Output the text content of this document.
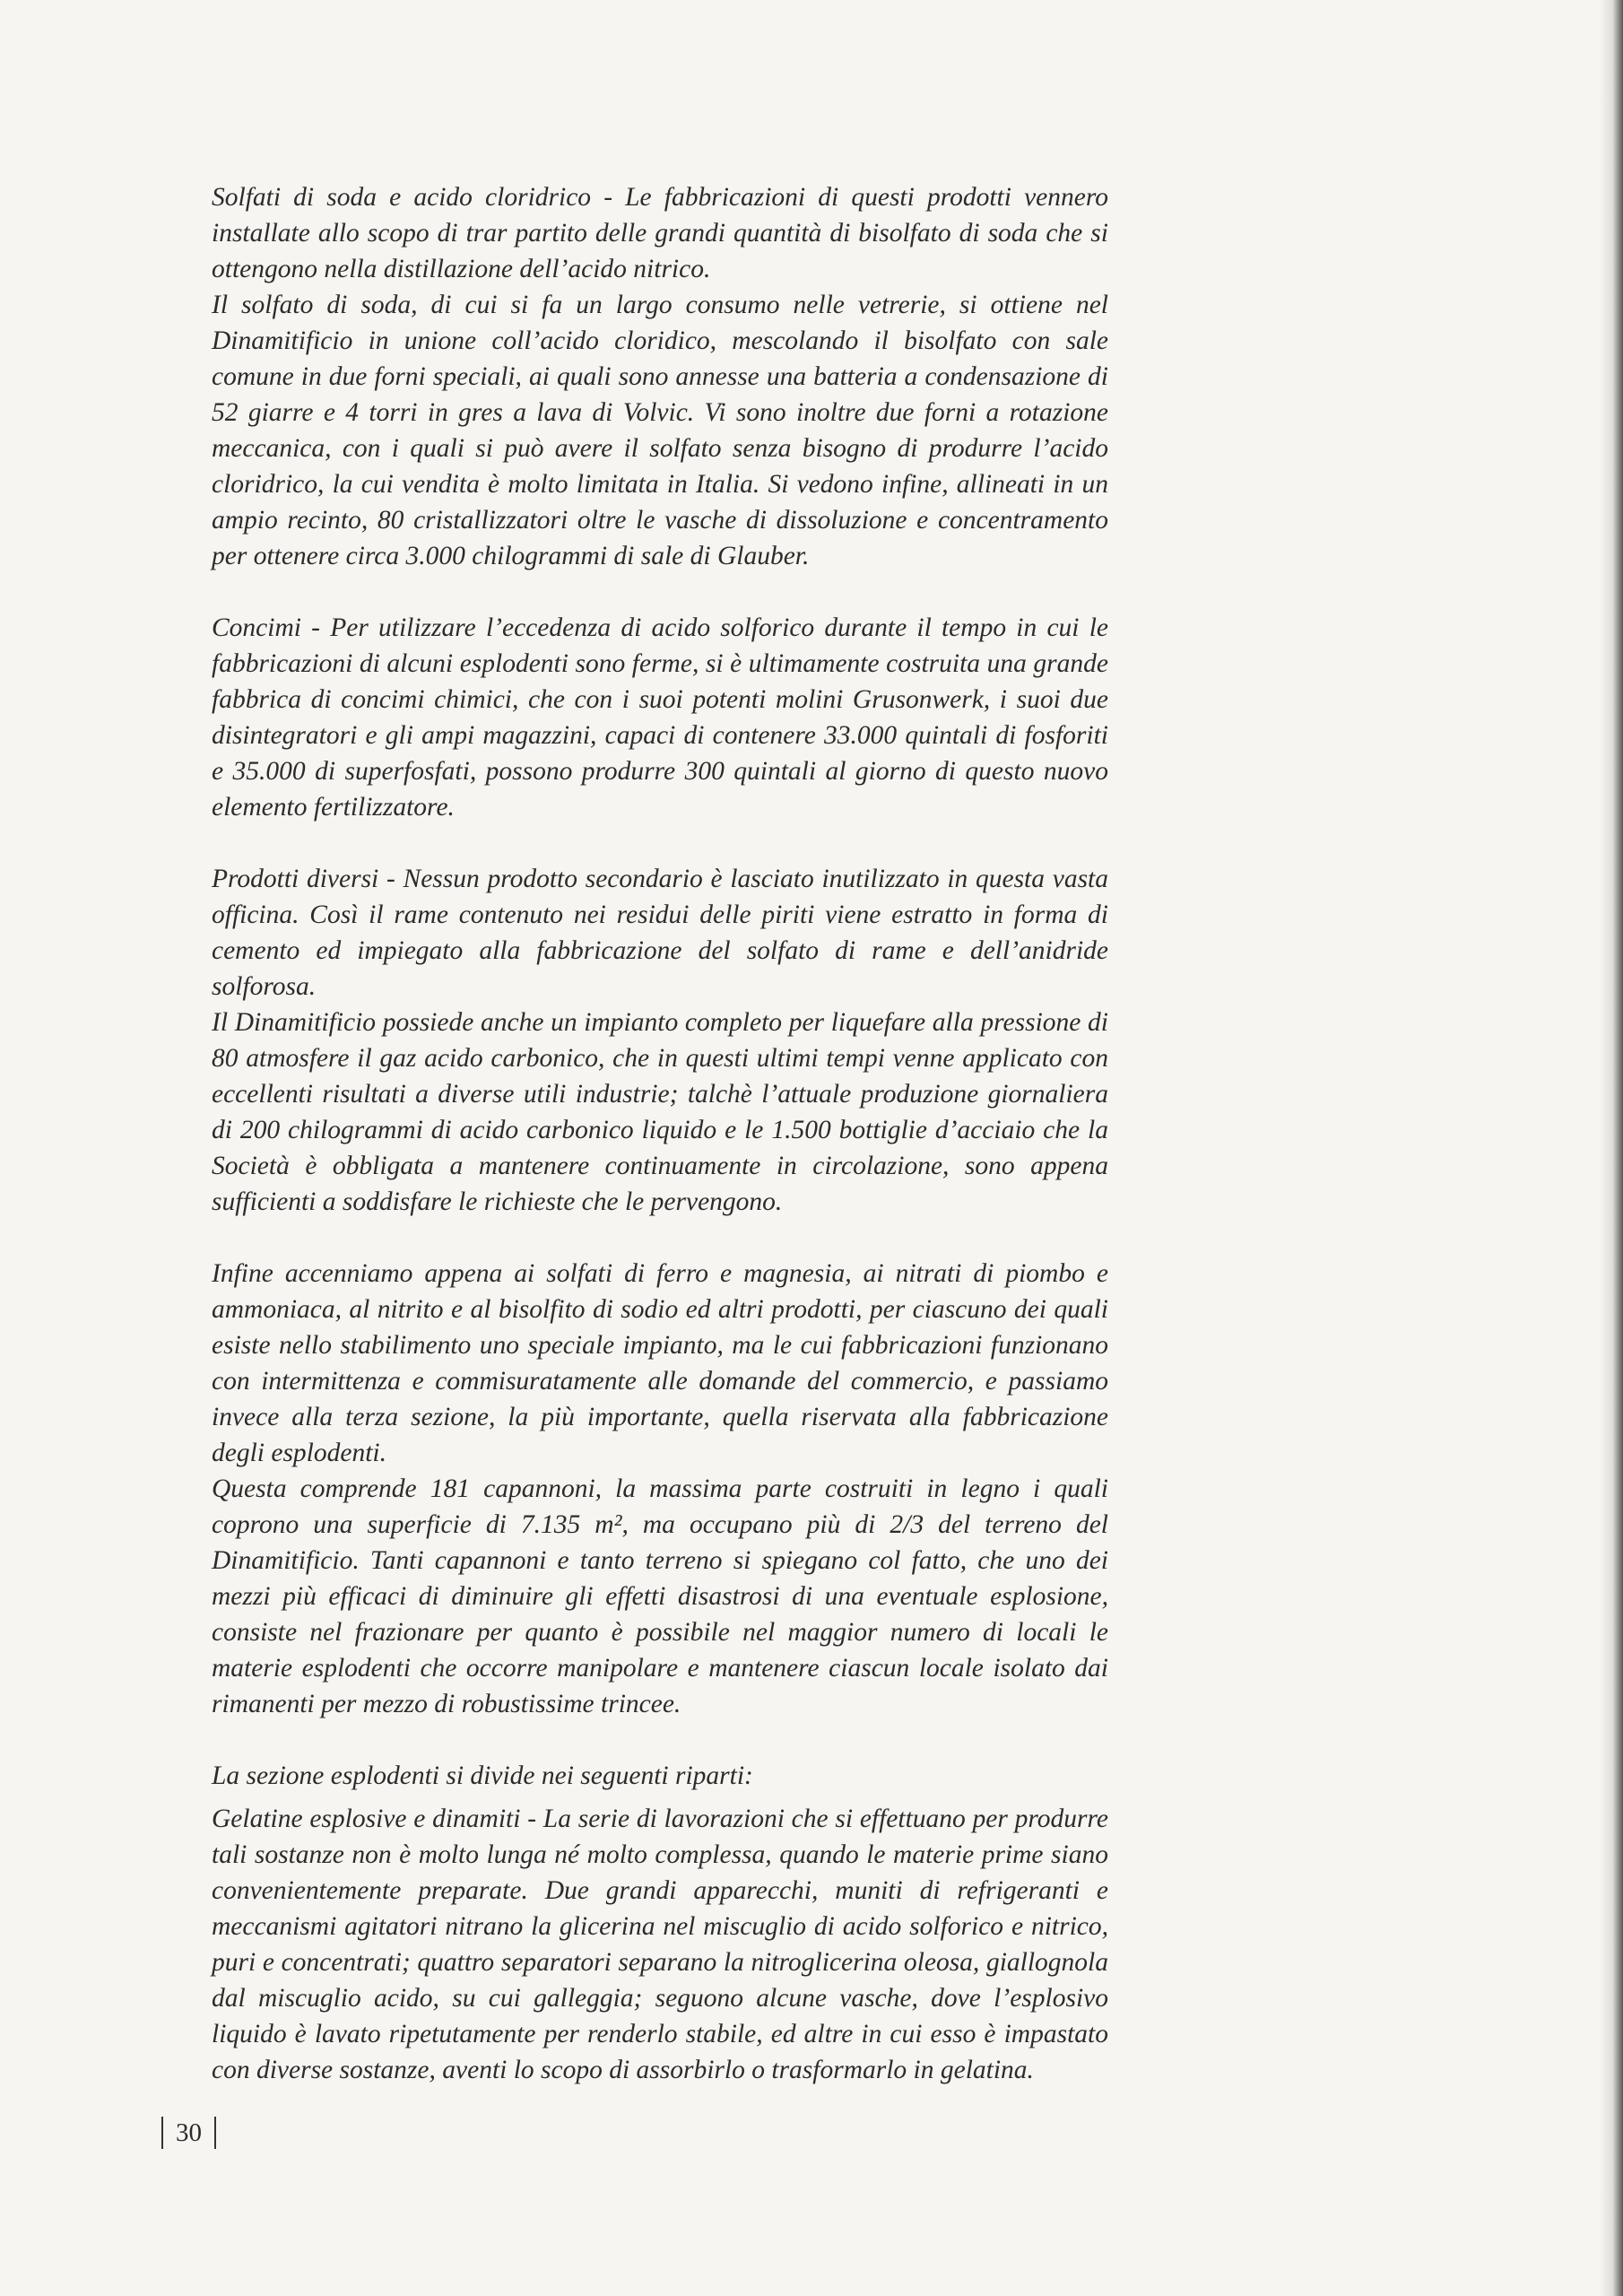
Solfati di soda e acido cloridrico - Le fabbricazioni di questi prodotti vennero installate allo scopo di trar partito delle grandi quantità di bisolfato di soda che si ottengono nella distillazione dell’acido nitrico.

Il solfato di soda, di cui si fa un largo consumo nelle vetrerie, si ottiene nel Dinamitificio in unione coll’acido cloridico, mescolando il bisolfato con sale comune in due forni speciali, ai quali sono annesse una batteria a condensazione di 52 giarre e 4 torri in gres a lava di Volvic. Vi sono inoltre due forni a rotazione meccanica, con i quali si può avere il solfato senza bisogno di produrre l’acido cloridrico, la cui vendita è molto limitata in Italia. Si vedono infine, allineati in un ampio recinto, 80 cristallizzatori oltre le vasche di dissoluzione e concentramento per ottenere circa 3.000 chilogrammi di sale di Glauber.

Concimi - Per utilizzare l’eccedenza di acido solforico durante il tempo in cui le fabbricazioni di alcuni esplodenti sono ferme, si è ultimamente costruita una grande fabbrica di concimi chimici, che con i suoi potenti molini Grusonwerk, i suoi due disintegratori e gli ampi magazzini, capaci di contenere 33.000 quintali di fosforiti e 35.000 di superfosfati, possono produrre 300 quintali al giorno di questo nuovo elemento fertilizzatore.

Prodotti diversi - Nessun prodotto secondario è lasciato inutilizzato in questa vasta officina. Così il rame contenuto nei residui delle piriti viene estratto in forma di cemento ed impiegato alla fabbricazione del solfato di rame e dell’anidride solforosa.

Il Dinamitificio possiede anche un impianto completo per liquefare alla pressione di 80 atmosfere il gaz acido carbonico, che in questi ultimi tempi venne applicato con eccellenti risultati a diverse utili industrie; talchè l’attuale produzione giornaliera di 200 chilogrammi di acido carbonico liquido e le 1.500 bottiglie d’acciaio che la Società è obbligata a mantenere continuamente in circolazione, sono appena sufficienti a soddisfare le richieste che le pervengono.

Infine accenniamo appena ai solfati di ferro e magnesia, ai nitrati di piombo e ammoniaca, al nitrito e al bisolfito di sodio ed altri prodotti, per ciascuno dei quali esiste nello stabilimento uno speciale impianto, ma le cui fabbricazioni funzionano con intermittenza e commisuratamente alle domande del commercio, e passiamo invece alla terza sezione, la più importante, quella riservata alla fabbricazione degli esplodenti.

Questa comprende 181 capannoni, la massima parte costruiti in legno i quali coprono una superficie di 7.135 m², ma occupano più di 2/3 del terreno del Dinamitificio. Tanti capannoni e tanto terreno si spiegano col fatto, che uno dei mezzi più efficaci di diminuire gli effetti disastrosi di una eventuale esplosione, consiste nel frazionare per quanto è possibile nel maggior numero di locali le materie esplodenti che occorre manipolare e mantenere ciascun locale isolato dai rimanenti per mezzo di robustissime trincee.

La sezione esplodenti si divide nei seguenti riparti:

Gelatine esplosive e dinamiti - La serie di lavorazioni che si effettuano per produrre tali sostanze non è molto lunga né molto complessa, quando le materie prime siano convenientemente preparate. Due grandi apparecchi, muniti di refrigeranti e meccanismi agitatori nitrano la glicerina nel miscuglio di acido solforico e nitrico, puri e concentrati; quattro separatori separano la nitroglicerina oleosa, giallognola dal miscuglio acido, su cui galleggia; seguono alcune vasche, dove l’esplosivo liquido è lavato ripetutamente per renderlo stabile, ed altre in cui esso è impastato con diverse sostanze, aventi lo scopo di assorbirlo o trasformarlo in gelatina.

30
